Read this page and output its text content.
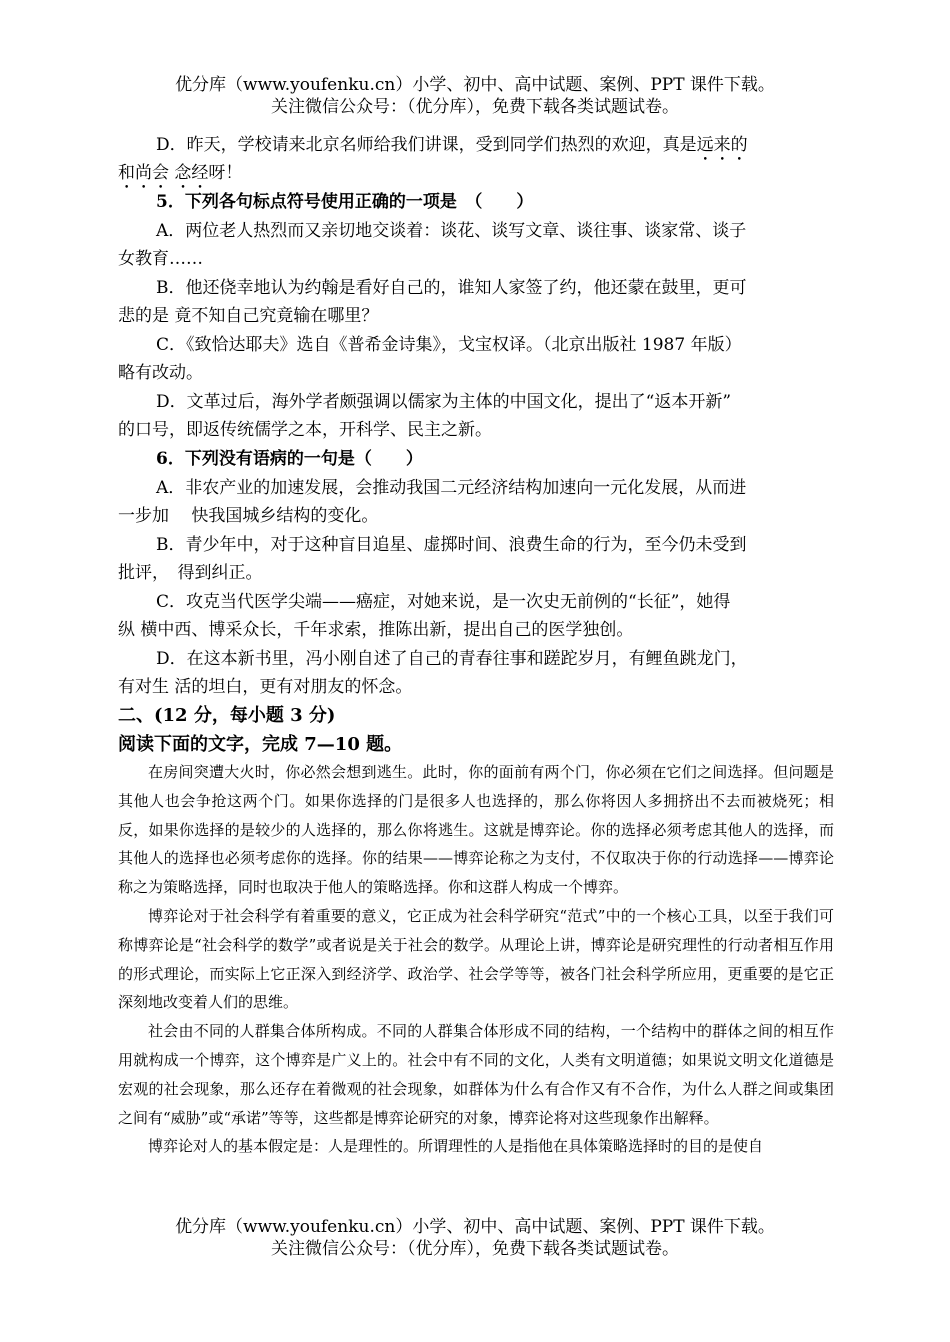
优分库（www.youfenku.cn）小学、初中、高中试题、案例、PPT 课件下载。
关注微信公众号：（优分库），免费下载各类试题试卷。
D．昨天，学校请来北京名师给我们讲课，受到同学们热烈的欢迎，真是远来的
和尚会 念经呀！
5．下列各句标点符号使用正确的一项是　（　　）
A．两位老人热烈而又亲切地交谈着：谈花、谈写文章、谈往事、谈家常、谈子
女教育……
B．他还侥幸地认为约翰是看好自己的，谁知人家签了约，他还蒙在鼓里，更可
悲的是 竟不知自己究竟输在哪里？
C．《致恰达耶夫》选自《普希金诗集》，戈宝权译。（北京出版社 1987 年版）
略有改动。
D．文革过后，海外学者颇强调以儒家为主体的中国文化，提出了“返本开新”
的口号，即返传统儒学之本，开科学、民主之新。
6．下列没有语病的一句是（　　）
A．非农产业的加速发展，会推动我国二元经济结构加速向一元化发展，从而进
一步加　 快我国城乡结构的变化。
B．青少年中，对于这种盲目追星、虚掷时间、浪费生命的行为，至今仍未受到
批评，　得到纠正。
C．攻克当代医学尖端——癌症，对她来说，是一次史无前例的“长征”，她得
纵 横中西、博采众长，千年求索，推陈出新，提出自己的医学独创。
D．在这本新书里，冯小刚自述了自己的青春往事和蹉跎岁月，有鲤鱼跳龙门，
有对生 活的坦白，更有对朋友的怀念。
二、(12 分，每小题 3 分)
阅读下面的文字，完成 7—10 题。

在房间突遭大火时，你必然会想到逃生。此时，你的面前有两个门，你必须在它们之间选择。但问题是其他人也会争抢这两个门。如果你选择的门是很多人也选择的，那么你将因人多拥挤出不去而被烧死；相反，如果你选择的是较少的人选择的，那么你将逃生。这就是博弈论。你的选择必须考虑其他人的选择，而其他人的选择也必须考虑你的选择。你的结果——博弈论称之为支付，不仅取决于你的行动选择——博弈论称之为策略选择，同时也取决于他人的策略选择。你和这群人构成一个博弈。

博弈论对于社会科学有着重要的意义，它正成为社会科学研究“范式”中的一个核心工具，以至于我们可称博弈论是“社会科学的数学”或者说是关于社会的数学。从理论上讲，博弈论是研究理性的行动者相互作用的形式理论，而实际上它正深入到经济学、政治学、社会学等等，被各门社会科学所应用，更重要的是它正深刻地改变着人们的思维。

社会由不同的人群集合体所构成。不同的人群集合体形成不同的结构，一个结构中的群体之间的相互作用就构成一个博弈，这个博弈是广义上的。社会中有不同的文化，人类有文明道德；如果说文明文化道德是宏观的社会现象，那么还存在着微观的社会现象，如群体为什么有合作又有不合作，为什么人群之间或集团之间有“威胁”或“承诺”等等，这些都是博弈论研究的对象，博弈论将对这些现象作出解释。

博弈论对人的基本假定是：人是理性的。所谓理性的人是指他在具体策略选择时的目的是使自

优分库（www.youfenku.cn）小学、初中、高中试题、案例、PPT 课件下载。
关注微信公众号：（优分库），免费下载各类试题试卷。
